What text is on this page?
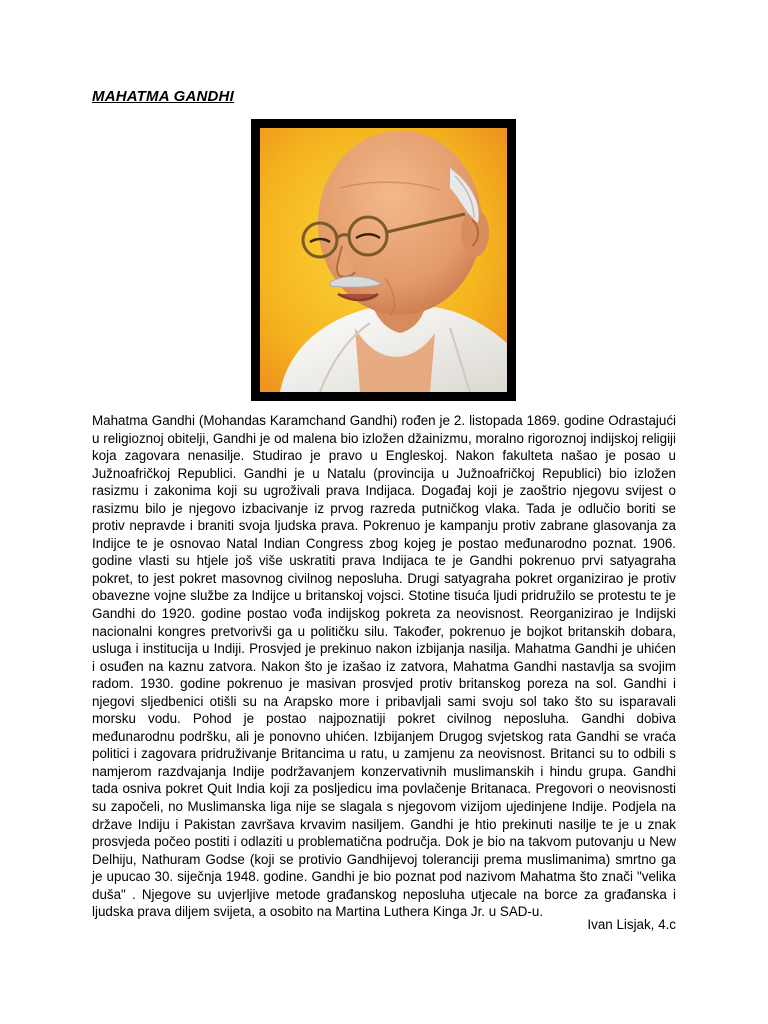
MAHATMA GANDHI
Mahatma Gandhi (Mohandas Karamchand Gandhi) rođen je 2. listopada 1869. godine Odrastajući u religioznoj obitelji, Gandhi je od malena bio izložen džainizmu, moralno rigoroznoj indijskoj religiji koja zagovara nenasilje. Studirao je pravo u Engleskoj. Nakon fakulteta našao je posao u Južnoafričkoj Republici. Gandhi je u Natalu (provincija u Južnoafričkoj Republici) bio izložen rasizmu i zakonima koji su ugroživali prava Indijaca. Događaj koji je zaoštrio njegovu svijest o rasizmu bilo je njegovo izbacivanje iz prvog razreda putničkog vlaka. Tada je odlučio boriti se protiv nepravde i braniti svoja ljudska prava. Pokrenuo je kampanju protiv zabrane glasovanja za Indijce te je osnovao Natal Indian Congress zbog kojeg je postao međunarodno poznat. 1906. godine vlasti su htjele još više uskratiti prava Indijaca te je Gandhi pokrenuo prvi satyagraha pokret, to jest pokret masovnog civilnog neposluha. Drugi satyagraha pokret organizirao je protiv obavezne vojne službe za Indijce u britanskoj vojsci. Stotine tisuća ljudi pridružilo se protestu te je Gandhi do 1920. godine postao vođa indijskog pokreta za neovisnost. Reorganizirao je Indijski nacionalni kongres pretvorivši ga u političku silu. Također, pokrenuo je bojkot britanskih dobara, usluga i institucija u Indiji. Prosvjed je prekinuo nakon izbijanja nasilja. Mahatma Gandhi je uhićen i osuđen na kaznu zatvora. Nakon što je izašao iz zatvora, Mahatma Gandhi nastavlja sa svojim radom. 1930. godine pokrenuo je masivan prosvjed protiv britanskog poreza na sol. Gandhi i njegovi sljedbenici otišli su na Arapsko more i pribavljali sami svoju sol tako što su isparavali morsku vodu. Pohod je postao najpoznatiji pokret civilnog neposluha. Gandhi dobiva međunarodnu podršku, ali je ponovno uhićen. Izbijanjem Drugog svjetskog rata Gandhi se vraća politici i zagovara pridruživanje Britancima u ratu, u zamjenu za neovisnost. Britanci su to odbili s namjerom razdvajanja Indije podržavanjem konzervativnih muslimanskih i hindu grupa. Gandhi tada osniva pokret Quit India koji za posljedicu ima povlačenje Britanaca. Pregovori o neovisnosti su započeli, no Muslimanska liga nije se slagala s njegovom vizijom ujedinjene Indije. Podjela na države Indiju i Pakistan završava krvavim nasiljem. Gandhi je htio prekinuti nasilje te je u znak prosvjeda počeo postiti i odlaziti u problematična područja. Dok je bio na takvom putovanju u New Delhiju, Nathuram Godse (koji se protivio Gandhijevoj toleranciji prema muslimanima) smrtno ga je upucao 30. siječnja 1948. godine. Gandhi je bio poznat pod nazivom Mahatma što znači "velika duša" . Njegove su uvjerljive metode građanskog neposluha utjecale na borce za građanska i ljudska prava diljem svijeta, a osobito na Martina Luthera Kinga Jr. u SAD-u.
Ivan Lisjak, 4.c
